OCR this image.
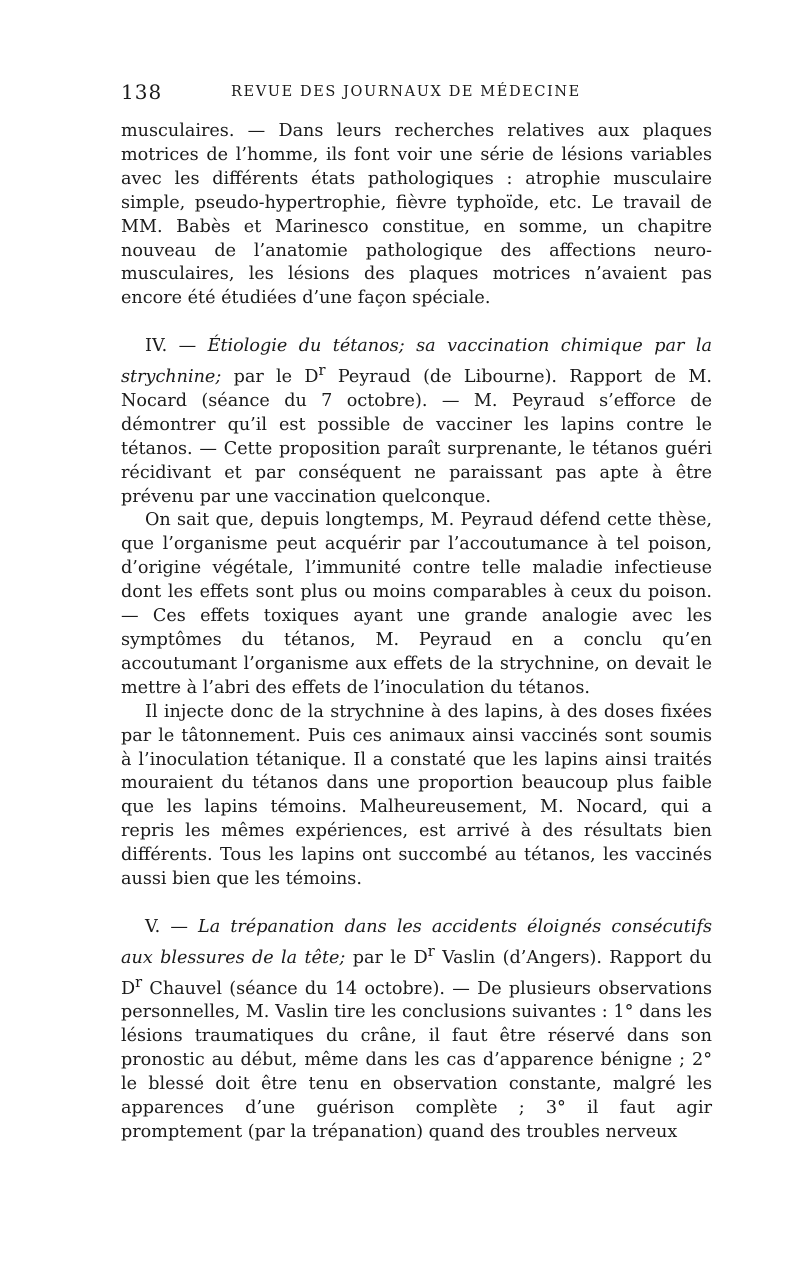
138	REVUE DES JOURNAUX DE MÉDECINE

musculaires. — Dans leurs recherches relatives aux plaques motrices de l’homme, ils font voir une série de lésions variables avec les différents états pathologiques : atrophie musculaire simple, pseudo-hypertrophie, fièvre typhoïde, etc. Le travail de MM. Babès et Marinesco constitue, en somme, un chapitre nouveau de l’anatomie pathologique des affections neuro-musculaires, les lésions des plaques motrices n’avaient pas encore été étudiées d’une façon spéciale.

IV. — Étiologie du tétanos; sa vaccination chimique par la strychnine; par le $D^r$ Peyraud (de Libourne). Rapport de M. Nocard (séance du 7 octobre). — M. Peyraud s’efforce de démontrer qu’il est possible de vacciner les lapins contre le tétanos. — Cette proposition paraît surprenante, le tétanos guéri récidivant et par conséquent ne paraissant pas apte à être prévenu par une vaccination quelconque.

On sait que, depuis longtemps, M. Peyraud défend cette thèse, que l’organisme peut acquérir par l’accoutumance à tel poison, d’origine végétale, l’immunité contre telle maladie infectieuse dont les effets sont plus ou moins comparables à ceux du poison. — Ces effets toxiques ayant une grande analogie avec les symptômes du tétanos, M. Peyraud en a conclu qu’en accoutumant l’organisme aux effets de la strychnine, on devait le mettre à l’abri des effets de l’inoculation du tétanos.

Il injecte donc de la strychnine à des lapins, à des doses fixées par le tâtonnement. Puis ces animaux ainsi vaccinés sont soumis à l’inoculation tétanique. Il a constaté que les lapins ainsi traités mouraient du tétanos dans une proportion beaucoup plus faible que les lapins témoins. Malheureusement, M. Nocard, qui a repris les mêmes expériences, est arrivé à des résultats bien différents. Tous les lapins ont succombé au tétanos, les vaccinés aussi bien que les témoins.

V. — La trépanation dans les accidents éloignés consécutifs aux blessures de la tête; par le $D^r$ Vaslin (d’Angers). Rapport du $D^r$ Chauvel (séance du 14 octobre). — De plusieurs observations personnelles, M. Vaslin tire les conclusions suivantes : 1° dans les lésions traumatiques du crâne, il faut être réservé dans son pronostic au début, même dans les cas d’apparence bénigne ; 2° le blessé doit être tenu en observation constante, malgré les apparences d’une guérison complète ; 3° il faut agir promptement (par la trépanation) quand des troubles nerveux
